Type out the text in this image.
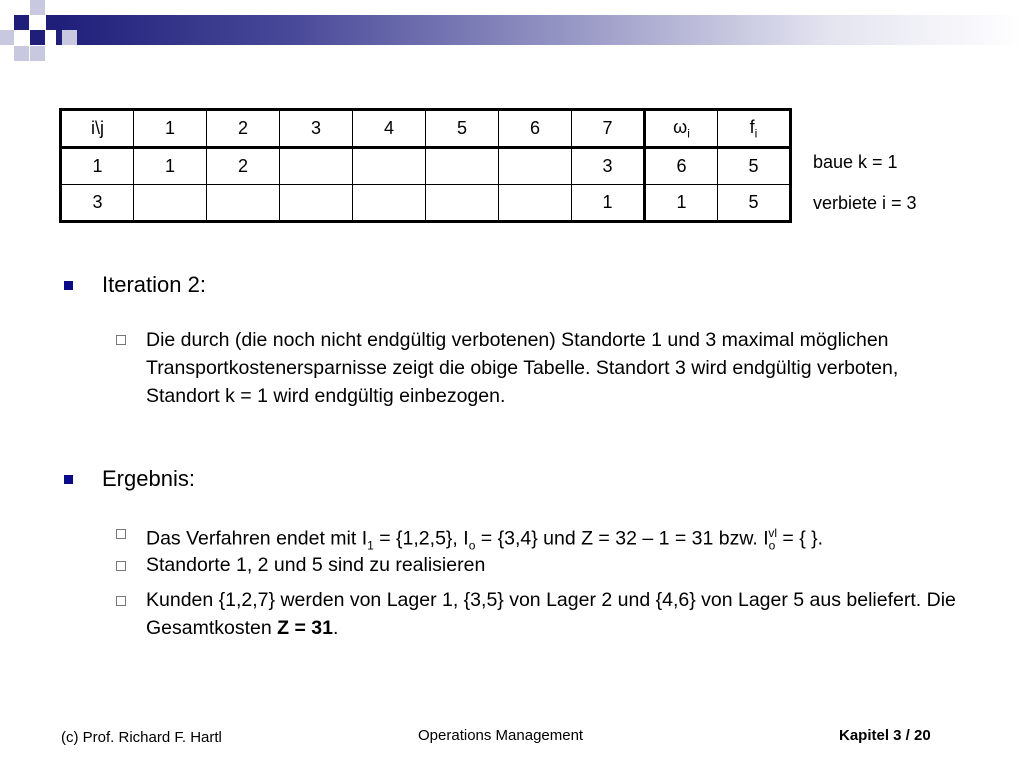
i\j	1	2	3	4	5	6	7	$\omega_i$	$f_i$
1	1	2					3	6	5
3							1	1	5
baue k = 1
verbiete i = 3
Iteration 2:
Die durch (die noch nicht endgültig verbotenen) Standorte 1 und 3 maximal möglichen Transportkostenersparnisse zeigt die obige Tabelle. Standort 3 wird endgültig verboten, Standort k = 1 wird endgültig einbezogen.
Ergebnis:
Das Verfahren endet mit $I_1 = \{1,2,5\}$, $I_o = \{3,4\}$ und Z = 32 – 1 = 31 bzw. $I_o^{vl}$ = { }.
Standorte 1, 2 und 5 sind zu realisieren
Kunden {1,2,7} werden von Lager 1, {3,5} von Lager 2 und {4,6} von Lager 5 aus beliefert. Die Gesamtkosten Z = 31.
(c) Prof. Richard F. Hartl	Operations Management	Kapitel 3 / 20
